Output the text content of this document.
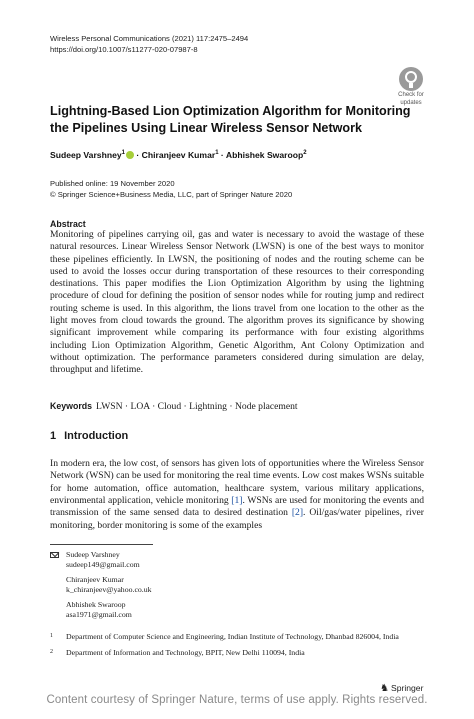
Wireless Personal Communications (2021) 117:2475–2494
https://doi.org/10.1007/s11277-020-07987-8
Check for
updates
Lightning-Based Lion Optimization Algorithm for Monitoring the Pipelines Using Linear Wireless Sensor Network
Sudeep Varshney$^1$ · Chiranjeev Kumar$^1$ · Abhishek Swaroop$^2$
Published online: 19 November 2020
© Springer Science+Business Media, LLC, part of Springer Nature 2020
Abstract
Monitoring of pipelines carrying oil, gas and water is necessary to avoid the wastage of these natural resources. Linear Wireless Sensor Network (LWSN) is one of the best ways to monitor these pipelines efficiently. In LWSN, the positioning of nodes and the routing scheme can be used to avoid the losses occur during transportation of these resources to their corresponding destinations. This paper modifies the Lion Optimization Algorithm by using the lightning procedure of cloud for defining the position of sensor nodes while for routing jump and redirect routing scheme is used. In this algorithm, the lions travel from one location to the other as the light moves from cloud towards the ground. The algorithm proves its significance by showing significant improvement while comparing its performance with four existing algorithms including Lion Optimization Algorithm, Genetic Algorithm, Ant Colony Optimization and without optimization. The performance parameters considered during simulation are delay, throughput and lifetime.
Keywords LWSN · LOA · Cloud · Lightning · Node placement
1 Introduction
In modern era, the low cost, of sensors has given lots of opportunities where the Wireless Sensor Network (WSN) can be used for monitoring the real time events. Low cost makes WSNs suitable for home automation, office automation, healthcare system, various military applications, environmental application, vehicle monitoring [1]. WSNs are used for monitoring the events and transmission of the same sensed data to desired destination [2]. Oil/gas/water pipelines, river monitoring, border monitoring is some of the examples
Sudeep Varshney
sudeep149@gmail.com
Chiranjeev Kumar
k_chiranjeev@yahoo.co.uk
Abhishek Swaroop
asa1971@gmail.com
1 Department of Computer Science and Engineering, Indian Institute of Technology, Dhanbad 826004, India
2 Department of Information and Technology, BPIT, New Delhi 110094, India
♞ Springer
Content courtesy of Springer Nature, terms of use apply. Rights reserved.
